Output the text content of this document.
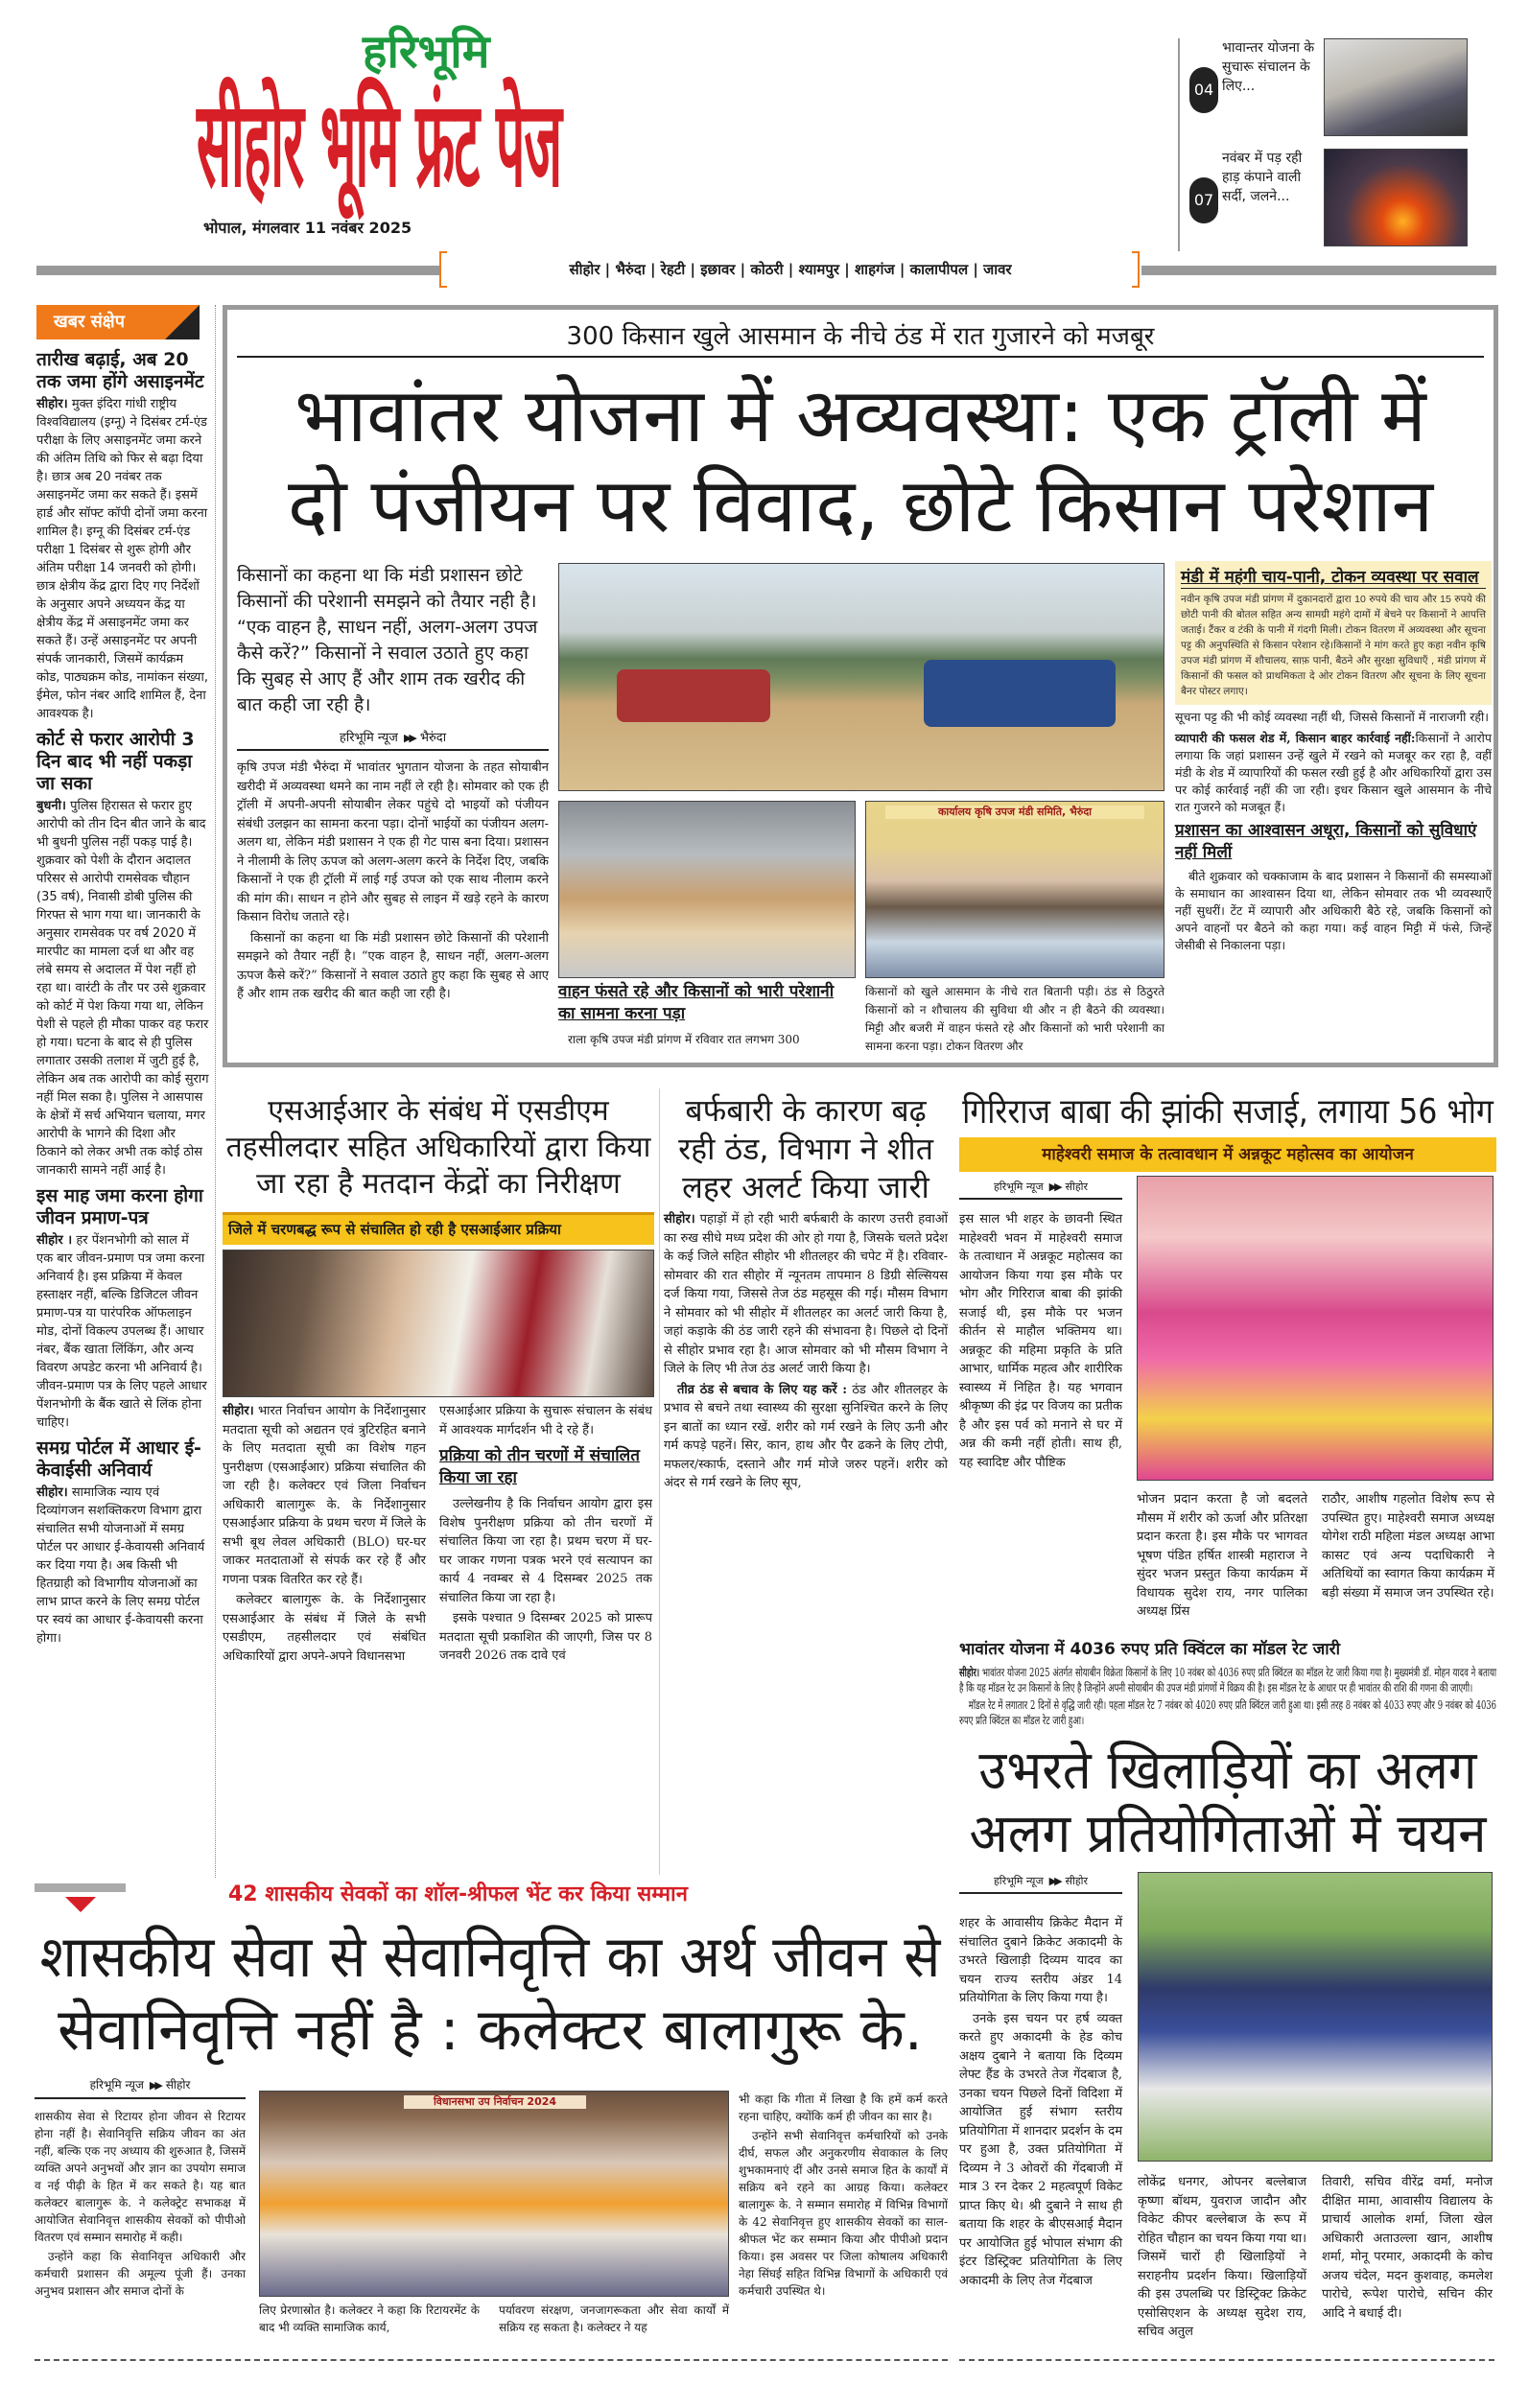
हरिभूमि
सीहोर भूमि फ्रंट पेज
भोपाल, मंगलवार 11 नवंबर 2025
04
भावान्तर योजना के सुचारू संचालन के लिए...
07
नवंबर में पड़ रही हाड़ कंपाने वाली सर्दी, जलने...
सीहोर | भैरुंदा | रेहटी | इछावर | कोठरी | श्यामपुर | शाहगंज | कालापीपल | जावर
खबर संक्षेप
तारीख बढ़ाई, अब 20 तक जमा होंगे असाइनमेंट
सीहोर। मुक्त इंदिरा गांधी राष्ट्रीय विश्वविद्यालय (इग्नू) ने दिसंबर टर्म-एंड परीक्षा के लिए असाइनमेंट जमा करने की अंतिम तिथि को फिर से बढ़ा दिया है। छात्र अब 20 नवंबर तक असाइनमेंट जमा कर सकते हैं। इसमें हार्ड और सॉफ्ट कॉपी दोनों जमा करना शामिल है। इग्नू की दिसंबर टर्म-एंड परीक्षा 1 दिसंबर से शुरू होगी और अंतिम परीक्षा 14 जनवरी को होगी। छात्र क्षेत्रीय केंद्र द्वारा दिए गए निर्देशों के अनुसार अपने अध्ययन केंद्र या क्षेत्रीय केंद्र में असाइनमेंट जमा कर सकते हैं। उन्हें असाइनमेंट पर अपनी संपर्क जानकारी, जिसमें कार्यक्रम कोड, पाठ्यक्रम कोड, नामांकन संख्या, ईमेल, फोन नंबर आदि शामिल हैं, देना आवश्यक है।
कोर्ट से फरार आरोपी 3 दिन बाद भी नहीं पकड़ा जा सका
बुधनी। पुलिस हिरासत से फरार हुए आरोपी को तीन दिन बीत जाने के बाद भी बुधनी पुलिस नहीं पकड़ पाई है। शुक्रवार को पेशी के दौरान अदालत परिसर से आरोपी रामसेवक चौहान (35 वर्ष), निवासी डोबी पुलिस की गिरफ्त से भाग गया था। जानकारी के अनुसार रामसेवक पर वर्ष 2020 में मारपीट का मामला दर्ज था और वह लंबे समय से अदालत में पेश नहीं हो रहा था। वारंटी के तौर पर उसे शुक्रवार को कोर्ट में पेश किया गया था, लेकिन पेशी से पहले ही मौका पाकर वह फरार हो गया। घटना के बाद से ही पुलिस लगातार उसकी तलाश में जुटी हुई है, लेकिन अब तक आरोपी का कोई सुराग नहीं मिल सका है। पुलिस ने आसपास के क्षेत्रों में सर्च अभियान चलाया, मगर आरोपी के भागने की दिशा और ठिकाने को लेकर अभी तक कोई ठोस जानकारी सामने नहीं आई है।
इस माह जमा करना होगा जीवन प्रमाण-पत्र
सीहोर । हर पेंशनभोगी को साल में एक बार जीवन-प्रमाण पत्र जमा करना अनिवार्य है। इस प्रक्रिया में केवल हस्ताक्षर नहीं, बल्कि डिजिटल जीवन प्रमाण-पत्र या पारंपरिक ऑफलाइन मोड, दोनों विकल्प उपलब्ध हैं। आधार नंबर, बैंक खाता लिंकिंग, और अन्य विवरण अपडेट करना भी अनिवार्य है। जीवन-प्रमाण पत्र के लिए पहले आधार पेंशनभोगी के बैंक खाते से लिंक होना चाहिए।
समग्र पोर्टल में आधार ई- केवाईसी अनिवार्य
सीहोर। सामाजिक न्याय एवं दिव्यांगजन सशक्तिकरण विभाग द्वारा संचालित सभी योजनाओं में समग्र पोर्टल पर आधार ई-केवायसी अनिवार्य कर दिया गया है। अब किसी भी हितग्राही को विभागीय योजनाओं का लाभ प्राप्त करने के लिए समग्र पोर्टल पर स्वयं का आधार ई-केवायसी करना होगा।
300 किसान खुले आसमान के नीचे ठंड में रात गुजारने को मजबूर
भावांतर योजना में अव्यवस्था: एक ट्रॉली में
दो पंजीयन पर विवाद, छोटे किसान परेशान
किसानों का कहना था कि मंडी प्रशासन छोटे किसानों की परेशानी समझने को तैयार नही है। “एक वाहन है, साधन नहीं, अलग-अलग उपज कैसे करें?” किसानों ने सवाल उठाते हुए कहा कि सुबह से आए हैं और शाम तक खरीद की बात कही जा रही है।
हरिभूमि न्यूज ▶▶ भैरुंदा

कृषि उपज मंडी भैरुंदा में भावांतर भुगतान योजना के तहत सोयाबीन खरीदी में अव्यवस्था थमने का नाम नहीं ले रही है। सोमवार को एक ही ट्रॉली में अपनी-अपनी सोयाबीन लेकर पहुंचे दो भाइयों को पंजीयन संबंधी उलझन का सामना करना पड़ा। दोनों भाईयों का पंजीयन अलग-अलग था, लेकिन मंडी प्रशासन ने एक ही गेट पास बना दिया। प्रशासन ने नीलामी के लिए ऊपज को अलग-अलग करने के निर्देश दिए, जबकि किसानों ने एक ही ट्रॉली में लाई गई उपज को एक साथ नीलाम करने की मांग की। साधन न होने और सुबह से लाइन में खड़े रहने के कारण किसान विरोध जताते रहे।

किसानों का कहना था कि मंडी प्रशासन छोटे किसानों की परेशानी समझने को तैयार नहीं है। “एक वाहन है, साधन नहीं, अलग-अलग ऊपज कैसे करें?” किसानों ने सवाल उठाते हुए कहा कि सुबह से आए हैं और शाम तक खरीद की बात कही जा रही है।

कार्यालय कृषि उपज मंडी समिति, भैरुंदा
वाहन फंसते रहे और किसानों को भारी परेशानी का सामना करना पड़ा
राला कृषि उपज मंडी प्रांगण में रविवार रात लगभग 300
किसानों को खुले आसमान के नीचे रात बितानी पड़ी। ठंड से ठिठुरते किसानों को न शौचालय की सुविधा थी और न ही बैठने की व्यवस्था। मिट्टी और बजरी में वाहन फंसते रहे और किसानों को भारी परेशानी का सामना करना पड़ा। टोकन वितरण और
मंडी में महंगी चाय-पानी, टोकन व्यवस्था पर सवाल
नवीन कृषि उपज मंडी प्रांगण में दुकानदारों द्वारा 10 रुपये की चाय और 15 रुपये की छोटी पानी की बोतल सहित अन्य सामग्री महंगे दामों में बेचने पर किसानों ने आपत्ति जताई। टैंकर व टंकी के पानी में गंदगी मिली। टोकन वितरण में अव्यवस्था और सूचना पट्ट की अनुपस्थिति से किसान परेशान रहे।किसानों ने मांग करते हुए कहा नवीन कृषि उपज मंडी प्रांगण में शौचालय, साफ़ पानी, बैठने और सुरक्षा सुविधाएँ , मंडी प्रांगण में किसानों की फसल को प्राथमिकता दे ओर टोकन वितरण और सूचना के लिए सूचना बैनर पोस्टर लगाए।
सूचना पट्ट की भी कोई व्यवस्था नहीं थी, जिससे किसानों में नाराजगी रही।
व्यापारी की फसल शेड में, किसान बाहर कार्रवाई नहीं:किसानों ने आरोप लगाया कि जहां प्रशासन उन्हें खुले में रखने को मजबूर कर रहा है, वहीं मंडी के शेड में व्यापारियों की फसल रखी हुई है और अधिकारियों द्वारा उस पर कोई कार्रवाई नहीं की जा रही। इधर किसान खुले आसमान के नीचे रात गुजरने को मजबूत हैं।
प्रशासन का आश्वासन अधूरा, किसानों को सुविधाएं नहीं मिलीं
बीते शुक्रवार को चक्काजाम के बाद प्रशासन ने किसानों की समस्याओं के समाधान का आश्वासन दिया था, लेकिन सोमवार तक भी व्यवस्थाएँ नहीं सुधरीं। टेंट में व्यापारी और अधिकारी बैठे रहे, जबकि किसानों को अपने वाहनों पर बैठने को कहा गया। कई वाहन मिट्टी में फंसे, जिन्हें जेसीबी से निकालना पड़ा।
एसआईआर के संबंध में एसडीएम तहसीलदार सहित अधिकारियों द्वारा किया जा रहा है मतदान केंद्रों का निरीक्षण
जिले में चरणबद्ध रूप से संचालित हो रही है एसआईआर प्रक्रिया

सीहोर। भारत निर्वाचन आयोग के निर्देशानुसार मतदाता सूची को अद्यतन एवं त्रुटिरहित बनाने के लिए मतदाता सूची का विशेष गहन पुनरीक्षण (एसआईआर) प्रक्रिया संचालित की जा रही है। कलेक्टर एवं जिला निर्वाचन अधिकारी बालागुरू के. के निर्देशानुसार एसआईआर प्रक्रिया के प्रथम चरण में जिले के सभी बूथ लेवल अधिकारी (BLO) घर-घर जाकर मतदाताओं से संपर्क कर रहे हैं और गणना पत्रक वितरित कर रहे हैं।

कलेक्टर बालागुरू के. के निर्देशानुसार एसआईआर के संबंध में जिले के सभी एसडीएम, तहसीलदार एवं संबंधित अधिकारियों द्वारा अपने-अपने विधानसभा

एसआईआर प्रक्रिया के सुचारू संचालन के संबंध में आवश्यक मार्गदर्शन भी दे रहे हैं।

प्रक्रिया को तीन चरणों में संचालित किया जा रहा

उल्लेखनीय है कि निर्वाचन आयोग द्वारा इस विशेष पुनरीक्षण प्रक्रिया को तीन चरणों में संचालित किया जा रहा है। प्रथम चरण में घर-घर जाकर गणना पत्रक भरने एवं सत्यापन का कार्य 4 नवम्बर से 4 दिसम्बर 2025 तक संचालित किया जा रहा है।

इसके पश्चात 9 दिसम्बर 2025 को प्रारूप मतदाता सूची प्रकाशित की जाएगी, जिस पर 8 जनवरी 2026 तक दावे एवं

बर्फबारी के कारण बढ़ रही ठंड, विभाग ने शीत लहर अलर्ट किया जारी

सीहोर। पहाड़ों में हो रही भारी बर्फबारी के कारण उत्तरी हवाओं का रुख सीधे मध्य प्रदेश की ओर हो गया है, जिसके चलते प्रदेश के कई जिले सहित सीहोर भी शीतलहर की चपेट में है। रविवार-सोमवार की रात सीहोर में न्यूनतम तापमान 8 डिग्री सेल्सियस दर्ज किया गया, जिससे तेज ठंड महसूस की गई। मौसम विभाग ने सोमवार को भी सीहोर में शीतलहर का अलर्ट जारी किया है, जहां कड़ाके की ठंड जारी रहने की संभावना है। पिछले दो दिनों से सीहोर प्रभाव रहा है। आज सोमवार को भी मौसम विभाग ने जिले के लिए भी तेज ठंड अलर्ट जारी किया है।

तीव्र ठंड से बचाव के लिए यह करें : ठंड और शीतलहर के प्रभाव से बचने तथा स्वास्थ्य की सुरक्षा सुनिश्चित करने के लिए इन बातों का ध्यान रखें. शरीर को गर्म रखने के लिए ऊनी और गर्म कपड़े पहनें। सिर, कान, हाथ और पैर ढकने के लिए टोपी, मफलर/स्कार्फ, दस्ताने और गर्म मोजे जरुर पहनें। शरीर को अंदर से गर्म रखने के लिए सूप,

गिरिराज बाबा की झांकी सजाई, लगाया 56 भोग
माहेश्वरी समाज के तत्वावधान में अन्नकूट महोत्सव का आयोजन
हरिभूमि न्यूज ▶▶ सीहोर
इस साल भी शहर के छावनी स्थित माहेश्वरी भवन में माहेश्वरी समाज के तत्वाधान में अन्नकूट महोत्सव का आयोजन किया गया इस मौके पर भोग और गिरिराज बाबा की झांकी सजाई थी, इस मौके पर भजन कीर्तन से माहौल भक्तिमय था। अन्नकूट की महिमा प्रकृति के प्रति आभार, धार्मिक महत्व और शारीरिक स्वास्थ्य में निहित है। यह भगवान श्रीकृष्ण की इंद्र पर विजय का प्रतीक है और इस पर्व को मनाने से घर में अन्न की कमी नहीं होती। साथ ही, यह स्वादिष्ट और पौष्टिक
भोजन प्रदान करता है जो बदलते मौसम में शरीर को ऊर्जा और प्रतिरक्षा प्रदान करता है। इस मौके पर भागवत भूषण पंडित हर्षित शास्त्री महाराज ने सुंदर भजन प्रस्तुत किया कार्यक्रम में विधायक सुदेश राय, नगर पालिका अध्यक्ष प्रिंस
राठौर, आशीष गहलोत विशेष रूप से उपस्थित हुए। माहेश्वरी समाज अध्यक्ष योगेश राठी महिला मंडल अध्यक्ष आभा कासट एवं अन्य पदाधिकारी ने अतिथियों का स्वागत किया कार्यक्रम में बड़ी संख्या में समाज जन उपस्थित रहे।
भावांतर योजना में 4036 रुपए प्रति क्विंटल का मॉडल रेट जारी

सीहोर। भावांतर योजना 2025 अंतर्गत सोयाबीन विक्रेता किसानों के लिए 10 नवंबर को 4036 रुपए प्रति क्विंटल का मॉडल रेट जारी किया गया है। मुख्यमंत्री डॉ. मोहन यादव ने बताया है कि यह मॉडल रेट उन किसानों के लिए है जिन्होंने अपनी सोयाबीन की उपज मंडी प्रांगणों में विक्रय की है। इस मॉडल रेट के आधार पर ही भावांतर की राशि की गणना की जाएगी।

मॉडल रेट में लगातार 2 दिनों से वृद्धि जारी रही। पहला मॉडल रेट 7 नवंबर को 4020 रुपए प्रति क्विंटल जारी हुआ था। इसी तरह 8 नवंबर को 4033 रुपए और 9 नवंबर को 4036 रुपए प्रति क्विंटल का मॉडल रेट जारी हुआ।

उभरते खिलाड़ियों का अलग अलग प्रतियोगिताओं में चयन
हरिभूमि न्यूज ▶▶ सीहोर

शहर के आवासीय क्रिकेट मैदान में संचालित दुबाने क्रिकेट अकादमी के उभरते खिलाड़ी दिव्यम यादव का चयन राज्य स्तरीय अंडर 14 प्रतियोगिता के लिए किया गया है।

उनके इस चयन पर हर्ष व्यक्त करते हुए अकादमी के हेड कोच अक्षय दुबाने ने बताया कि दिव्यम लेफ्ट हैंड के उभरते तेज गेंदबाज है, उनका चयन पिछले दिनों विदिशा में आयोजित हुई संभाग स्तरीय प्रतियोगिता में शानदार प्रदर्शन के दम पर हुआ है, उक्त प्रतियोगिता में दिव्यम ने 3 ओवरों की गेंदबाजी में मात्र 3 रन देकर 2 महत्वपूर्ण विकेट प्राप्त किए थे। श्री दुबाने ने साथ ही बताया कि शहर के बीएसआई मैदान पर आयोजित हुई भोपाल संभाग की इंटर डिस्ट्रिक्ट प्रतियोगिता के लिए अकादमी के लिए तेज गेंदबाज

लोकेंद्र धनगर, ओपनर बल्लेबाज कृष्णा बॉथम, युवराज जादौन और विकेट कीपर बल्लेबाज के रूप में रोहित चौहान का चयन किया गया था। जिसमें चारों ही खिलाड़ियों ने सराहनीय प्रदर्शन किया। खिलाड़ियों की इस उपलब्धि पर डिस्ट्रिक्ट क्रिकेट एसोसिएशन के अध्यक्ष सुदेश राय, सचिव अतुल
तिवारी, सचिव वीरेंद्र वर्मा, मनोज दीक्षित मामा, आवासीय विद्यालय के प्राचार्य आलोक शर्मा, जिला खेल अधिकारी अताउल्ला खान, आशीष शर्मा, मोनू परमार, अकादमी के कोच अजय चंदेल, मदन कुशवाह, कमलेश पारोचे, रूपेश पारोचे, सचिन कीर आदि ने बधाई दी।
42 शासकीय सेवकों का शॉल-श्रीफल भेंट कर किया सम्मान
शासकीय सेवा से सेवानिवृत्ति का अर्थ जीवन से
सेवानिवृत्ति नहीं है : कलेक्टर बालागुरू के.
हरिभूमि न्यूज ▶▶ सीहोर

शासकीय सेवा से रिटायर होना जीवन से रिटायर होना नहीं है। सेवानिवृत्ति सक्रिय जीवन का अंत नहीं, बल्कि एक नए अध्याय की शुरुआत है, जिसमें व्यक्ति अपने अनुभवों और ज्ञान का उपयोग समाज व नई पीढ़ी के हित में कर सकते है। यह बात कलेक्टर बालागुरू के. ने कलेक्ट्रेट सभाकक्ष में आयोजित सेवानिवृत्त शासकीय सेवकों को पीपीओ वितरण एवं सम्मान समारोह में कही।

उन्होंने कहा कि सेवानिवृत्त अधिकारी और कर्मचारी प्रशासन की अमूल्य पूंजी हैं। उनका अनुभव प्रशासन और समाज दोनों के

विधानसभा उप निर्वाचन 2024
लिए प्रेरणास्रोत है। कलेक्टर ने कहा कि रिटायरमेंट के बाद भी व्यक्ति सामाजिक कार्य,
पर्यावरण संरक्षण, जनजागरूकता और सेवा कार्यों में सक्रिय रह सकता है। कलेक्टर ने यह

भी कहा कि गीता में लिखा है कि हमें कर्म करते रहना चाहिए, क्योंकि कर्म ही जीवन का सार है।

उन्होंने सभी सेवानिवृत्त कर्मचारियों को उनके दीर्घ, सफल और अनुकरणीय सेवाकाल के लिए शुभकामनाएं दीं और उनसे समाज हित के कार्यों में सक्रिय बने रहने का आग्रह किया। कलेक्टर बालागुरू के. ने सम्मान समारोह में विभिन्न विभागों के 42 सेवानिवृत्त हुए शासकीय सेवकों का साल-श्रीफल भेंट कर सम्मान किया और पीपीओ प्रदान किया। इस अवसर पर जिला कोषालय अधिकारी नेहा सिंघई सहित विभिन्न विभागों के अधिकारी एवं कर्मचारी उपस्थित थे।
